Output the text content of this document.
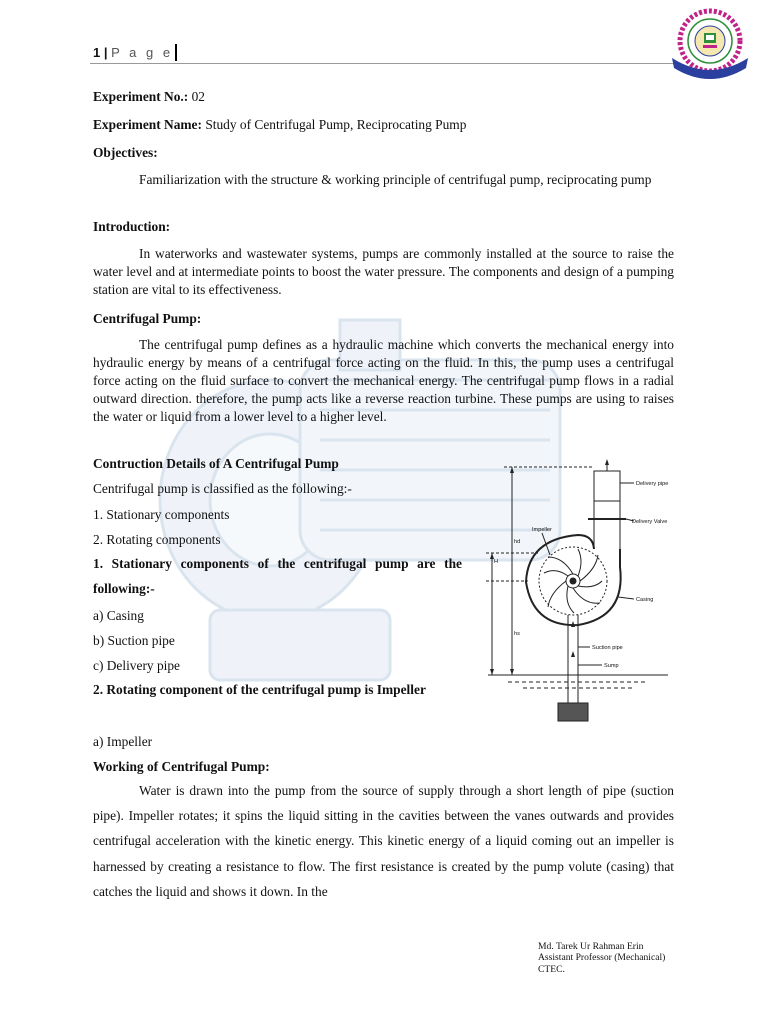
1 | P a g e
Experiment No.: 02
Experiment Name: Study of Centrifugal Pump, Reciprocating Pump
Objectives:
Familiarization with the structure & working principle of centrifugal pump, reciprocating pump
Introduction:
In waterworks and wastewater systems, pumps are commonly installed at the source to raise the water level and at intermediate points to boost the water pressure. The components and design of a pumping station are vital to its effectiveness.
Centrifugal Pump:
The centrifugal pump defines as a hydraulic machine which converts the mechanical energy into hydraulic energy by means of a centrifugal force acting on the fluid. In this, the pump uses a centrifugal force acting on the fluid surface to convert the mechanical energy. The centrifugal pump flows in a radial outward direction. therefore, the pump acts like a reverse reaction turbine. These pumps are using to raises the water or liquid from a lower level to a higher level.
Contruction Details of A Centrifugal Pump
Centrifugal pump is classified as the following:-
1. Stationary components
2. Rotating components
1. Stationary components of the centrifugal pump are the following:-
a) Casing
b) Suction pipe
c) Delivery pipe
2. Rotating component of the centrifugal pump is Impeller
a) Impeller
Delivery pipe
Delivery Valve
Impeller
Casing
Suction pipe
Sump
hd
H
hs
Working of Centrifugal Pump:
Water is drawn into the pump from the source of supply through a short length of pipe (suction pipe). Impeller rotates; it spins the liquid sitting in the cavities between the vanes outwards and provides centrifugal acceleration with the kinetic energy. This kinetic energy of a liquid coming out an impeller is harnessed by creating a resistance to flow. The first resistance is created by the pump volute (casing) that catches the liquid and shows it down. In the
Md. Tarek Ur Rahman Erin
Assistant Professor (Mechanical)
CTEC.
